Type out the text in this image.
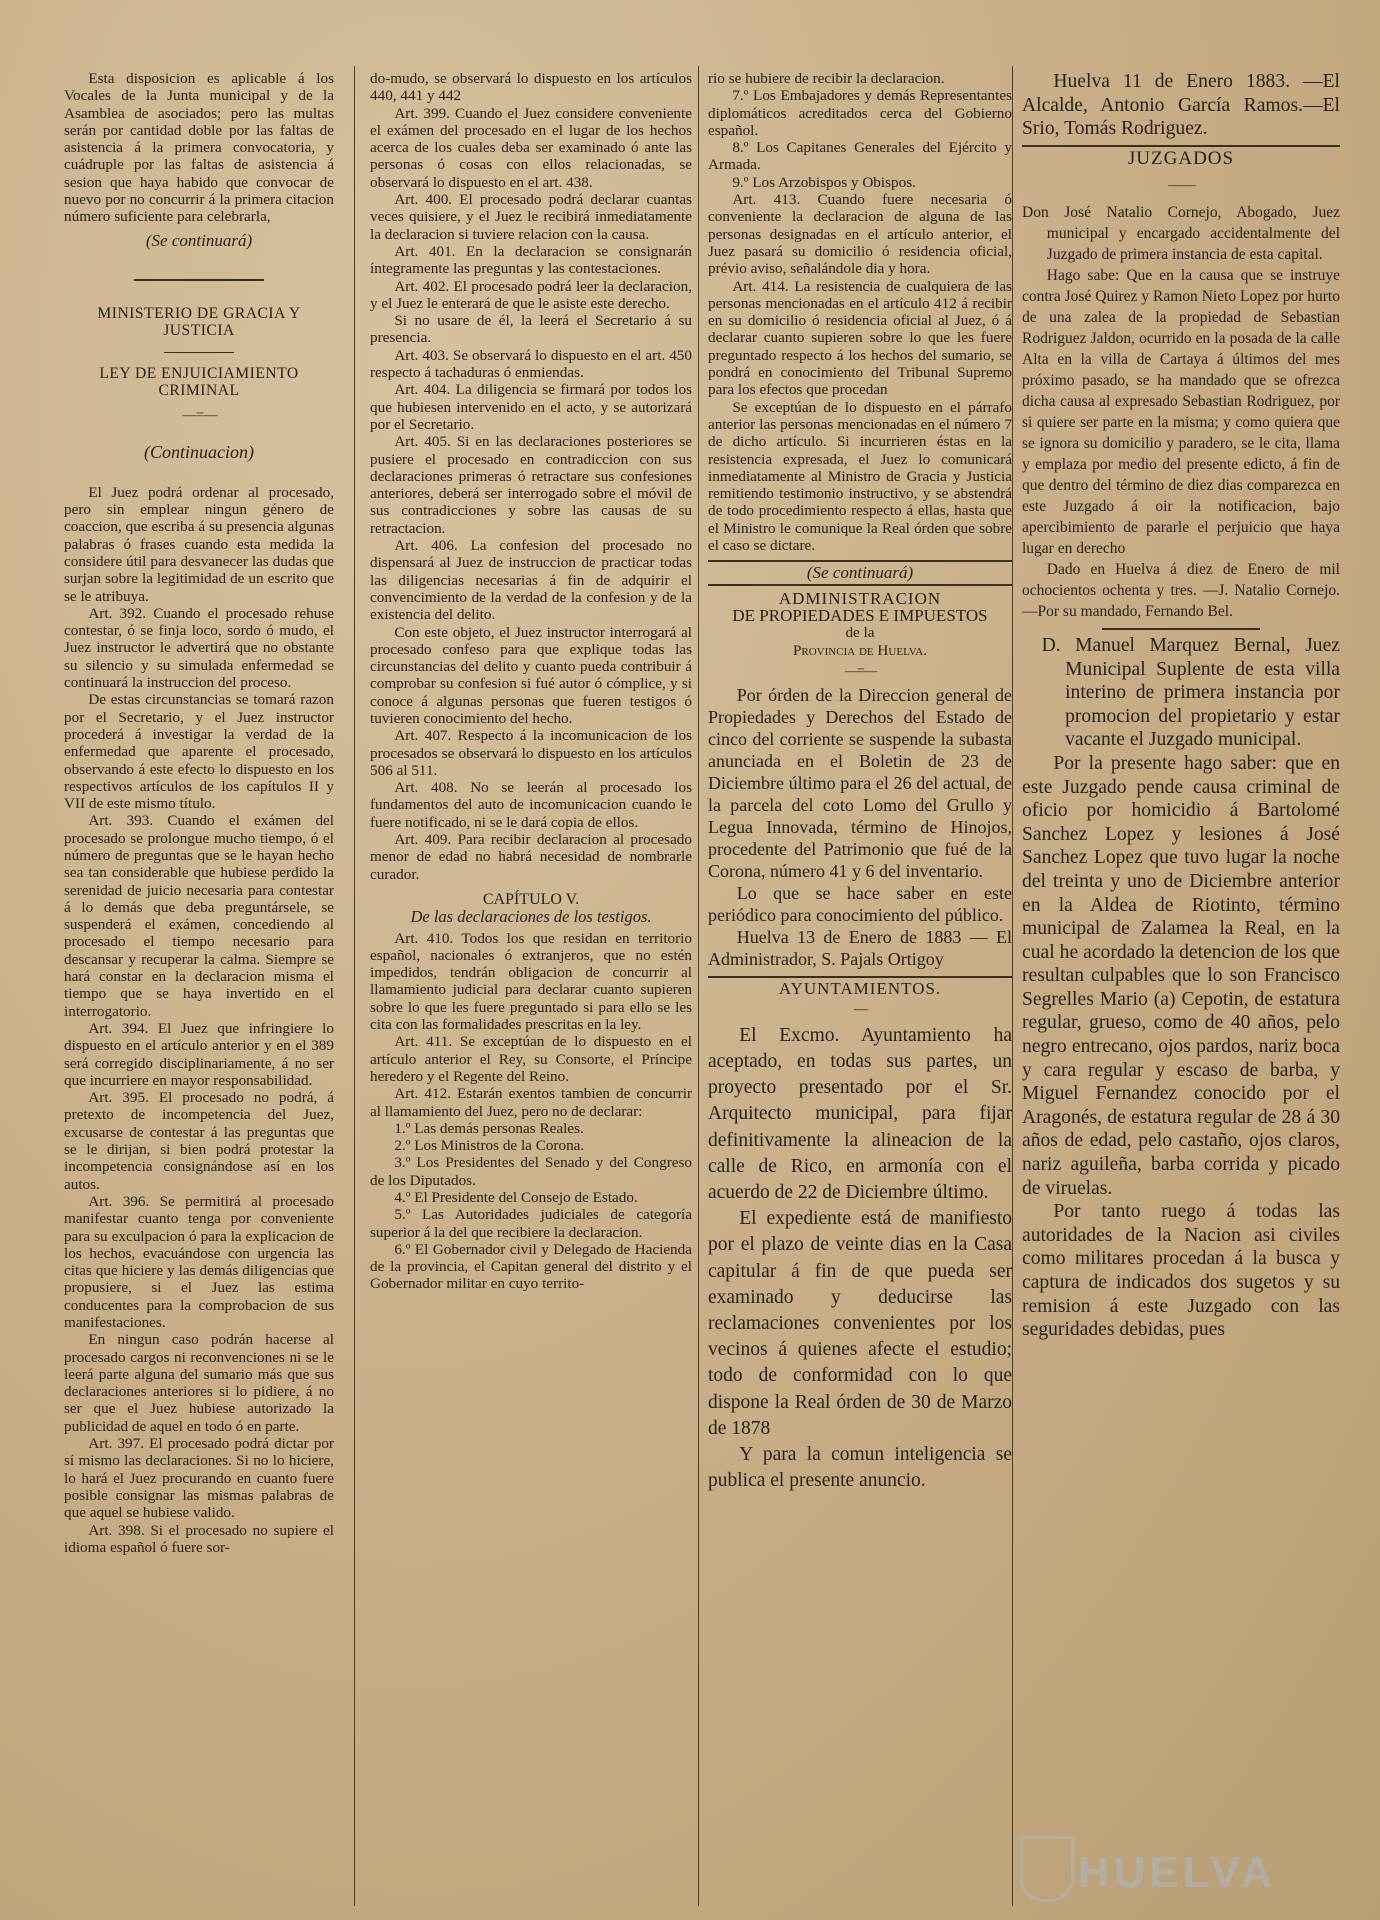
Esta disposicion es aplicable á los Vocales de la Junta municipal y de la Asamblea de asociados; pero las multas serán por cantidad doble por las faltas de asistencia á la primera convocatoria, y cuádruple por las faltas de asistencia á sesion que haya habido que convocar de nuevo por no concurrir á la primera citacion número suficiente para celebrarla,

(Se continuará)

MINISTERIO DE GRACIA Y JUSTICIA

LEY DE ENJUICIAMIENTO CRIMINAL

— = —

(Continuacion)

El Juez podrá ordenar al procesado, pero sin emplear ningun género de coaccion, que escriba á su presencia algunas palabras ó frases cuando esta medida la considere útil para desvanecer las dudas que surjan sobre la legitimidad de un escrito que se le atribuya.

Art. 392. Cuando el procesado rehuse contestar, ó se finja loco, sordo ó mudo, el Juez instructor le advertirá que no obstante su silencio y su simulada enfermedad se continuará la instruccion del proceso.

De estas circunstancias se tomará razon por el Secretario, y el Juez instructor procederá á investigar la verdad de la enfermedad que aparente el procesado, observando á este efecto lo dispuesto en los respectivos artículos de los capítulos II y VII de este mismo título.

Art. 393. Cuando el exámen del procesado se prolongue mucho tiempo, ó el número de preguntas que se le hayan hecho sea tan considerable que hubiese perdido la serenidad de juicio necesaria para contestar á lo demás que deba preguntársele, se suspenderá el exámen, concediendo al procesado el tiempo necesario para descansar y recuperar la calma. Siempre se hará constar en la declaracion misma el tiempo que se haya invertido en el interrogatorio.

Art. 394. El Juez que infringiere lo dispuesto en el artículo anterior y en el 389 será corregido disciplinariamente, á no ser que incurriere en mayor responsabilidad.

Art. 395. El procesado no podrá, á pretexto de incompetencia del Juez, excusarse de contestar á las preguntas que se le dirijan, si bien podrá protestar la incompetencia consignándose así en los autos.

Art. 396. Se permitirá al procesado manifestar cuanto tenga por conveniente para su exculpacion ó para la explicacion de los hechos, evacuándose con urgencia las citas que hiciere y las demás diligencias que propusiere, si el Juez las estima conducentes para la comprobacion de sus manifestaciones.

En ningun caso podrán hacerse al procesado cargos ni reconvenciones ni se le leerá parte alguna del sumario más que sus declaraciones anteriores si lo pidiere, á no ser que el Juez hubiese autorizado la publicidad de aquel en todo ó en parte.

Art. 397. El procesado podrá dictar por sí mismo las declaraciones. Si no lo hiciere, lo hará el Juez procurando en cuanto fuere posible consignar las mismas palabras de que aquel se hubiese valido.

Art. 398. Si el procesado no supiere el idioma español ó fuere sor-

do-mudo, se observará lo dispuesto en los artículos 440, 441 y 442

Art. 399. Cuando el Juez considere conveniente el exámen del procesado en el lugar de los hechos acerca de los cuales deba ser examinado ó ante las personas ó cosas con ellos relacionadas, se observará lo dispuesto en el art. 438.

Art. 400. El procesado podrá declarar cuantas veces quisiere, y el Juez le recibirá inmediatamente la declaracion si tuviere relacion con la causa.

Art. 401. En la declaracion se consignarán íntegramente las preguntas y las contestaciones.

Art. 402. El procesado podrá leer la declaracion, y el Juez le enterará de que le asiste este derecho.

Si no usare de él, la leerá el Secretario á su presencia.

Art. 403. Se observará lo dispuesto en el art. 450 respecto á tachaduras ó enmiendas.

Art. 404. La diligencia se firmará por todos los que hubiesen intervenido en el acto, y se autorizará por el Secretario.

Art. 405. Si en las declaraciones posteriores se pusiere el procesado en contradiccion con sus declaraciones primeras ó retractare sus confesiones anteriores, deberá ser interrogado sobre el móvil de sus contradicciones y sobre las causas de su retractacion.

Art. 406. La confesion del procesado no dispensará al Juez de instruccion de practicar todas las diligencias necesarias á fin de adquirir el convencimiento de la verdad de la confesion y de la existencia del delito.

Con este objeto, el Juez instructor interrogará al procesado confeso para que explique todas las circunstancias del delito y cuanto pueda contribuir á comprobar su confesion si fué autor ó cómplice, y si conoce á algunas personas que fueren testigos ó tuvieren conocimiento del hecho.

Art. 407. Respecto á la incomunicacion de los procesados se observará lo dispuesto en los artículos 506 al 511.

Art. 408. No se leerán al procesado los fundamentos del auto de incomunicacion cuando le fuere notificado, ni se le dará copia de ellos.

Art. 409. Para recibir declaracion al procesado menor de edad no habrá necesidad de nombrarle curador.

CAPÍTULO V.

De las declaraciones de los testigos.

Art. 410. Todos los que residan en territorio español, nacionales ó extranjeros, que no estén impedidos, tendrán obligacion de concurrir al llamamiento judicial para declarar cuanto supieren sobre lo que les fuere preguntado si para ello se les cita con las formalidades prescritas en la ley.

Art. 411. Se exceptúan de lo dispuesto en el artículo anterior el Rey, su Consorte, el Príncipe heredero y el Regente del Reino.

Art. 412. Estarán exentos tambien de concurrir al llamamiento del Juez, pero no de declarar:

1.º Las demás personas Reales.

2.º Los Ministros de la Corona.

3.º Los Presidentes del Senado y del Congreso de los Diputados.

4.º El Presidente del Consejo de Estado.

5.º Las Autoridades judiciales de categoría superior á la del que recibiere la declaracion.

6.º El Gobernador civil y Delegado de Hacienda de la provincia, el Capitan general del distrito y el Gobernador militar en cuyo territo-

rio se hubiere de recibir la declaracion.

7.º Los Embajadores y demás Representantes diplomáticos acreditados cerca del Gobierno español.

8.º Los Capitanes Generales del Ejército y Armada.

9.º Los Arzobispos y Obispos.

Art. 413. Cuando fuere necesaria ó conveniente la declaracion de alguna de las personas designadas en el artículo anterior, el Juez pasará su domicilio ó residencia oficial, prévio aviso, señalándole dia y hora.

Art. 414. La resistencia de cualquiera de las personas mencionadas en el artículo 412 á recibir en su domicilio ó residencia oficial al Juez, ó á declarar cuanto supieren sobre lo que les fuere preguntado respecto á los hechos del sumario, se pondrá en conocimiento del Tribunal Supremo para los efectos que procedan

Se exceptúan de lo dispuesto en el párrafo anterior las personas mencionadas en el número 7 de dicho artículo. Si incurrieren éstas en la resistencia expresada, el Juez lo comunicará inmediatamente al Ministro de Gracia y Justicia remitiendo testimonio instructivo, y se abstendrá de todo procedimiento respecto á ellas, hasta que el Ministro le comunique la Real órden que sobre el caso se dictare.

(Se continuará)

ADMINISTRACION

DE PROPIEDADES E IMPUESTOS

de la

Provincia de Huelva.

—=—

Por órden de la Direccion general de Propiedades y Derechos del Estado de cinco del corriente se suspende la subasta anunciada en el Boletin de 23 de Diciembre último para el 26 del actual, de la parcela del coto Lomo del Grullo y Legua Innovada, término de Hinojos, procedente del Patrimonio que fué de la Corona, número 41 y 6 del inventario.

Lo que se hace saber en este periódico para conocimiento del público.

Huelva 13 de Enero de 1883 — El Administrador, S. Pajals Ortigoy

AYUNTAMIENTOS.

—

El Excmo. Ayuntamiento ha aceptado, en todas sus partes, un proyecto presentado por el Sr. Arquitecto municipal, para fijar definitivamente la alineacion de la calle de Rico, en armonía con el acuerdo de 22 de Diciembre último.

El expediente está de manifiesto por el plazo de veinte dias en la Casa capitular á fin de que pueda ser examinado y deducirse las reclamaciones convenientes por los vecinos á quienes afecte el estudio; todo de conformidad con lo que dispone la Real órden de 30 de Marzo de 1878

Y para la comun inteligencia se publica el presente anuncio.

Huelva 11 de Enero 1883. —El Alcalde, Antonio García Ramos.—El Srio, Tomás Rodriguez.

JUZGADOS

— —

Don José Natalio Cornejo, Abogado, Juez municipal y encargado accidentalmente del Juzgado de primera instancia de esta capital.

Hago sabe: Que en la causa que se instruye contra José Quirez y Ramon Nieto Lopez por hurto de una zalea de la propiedad de Sebastian Rodriguez Jaldon, ocurrido en la posada de la calle Alta en la villa de Cartaya á últimos del mes próximo pasado, se ha mandado que se ofrezca dicha causa al expresado Sebastian Rodriguez, por si quiere ser parte en la misma; y como quiera que se ignora su domicilio y paradero, se le cita, llama y emplaza por medio del presente edicto, á fin de que dentro del término de diez dias comparezca en este Juzgado á oir la notificacion, bajo apercibimiento de pararle el perjuicio que haya lugar en derecho

Dado en Huelva á diez de Enero de mil ochocientos ochenta y tres. —J. Natalio Cornejo.—Por su mandado, Fernando Bel.

D. Manuel Marquez Bernal, Juez Municipal Suplente de esta villa interino de primera instancia por promocion del propietario y estar vacante el Juzgado municipal.

Por la presente hago saber: que en este Juzgado pende causa criminal de oficio por homicidio á Bartolomé Sanchez Lopez y lesiones á José Sanchez Lopez que tuvo lugar la noche del treinta y uno de Diciembre anterior en la Aldea de Riotinto, término municipal de Zalamea la Real, en la cual he acordado la detencion de los que resultan culpables que lo son Francisco Segrelles Mario (a) Cepotin, de estatura regular, grueso, como de 40 años, pelo negro entrecano, ojos pardos, nariz boca y cara regular y escaso de barba, y Miguel Fernandez conocido por el Aragonés, de estatura regular de 28 á 30 años de edad, pelo castaño, ojos claros, nariz aguileña, barba corrida y picado de viruelas.

Por tanto ruego á todas las autoridades de la Nacion asi civiles como militares procedan á la busca y captura de indicados dos sugetos y su remision á este Juzgado con las seguridades debidas, pues

HUELVA
